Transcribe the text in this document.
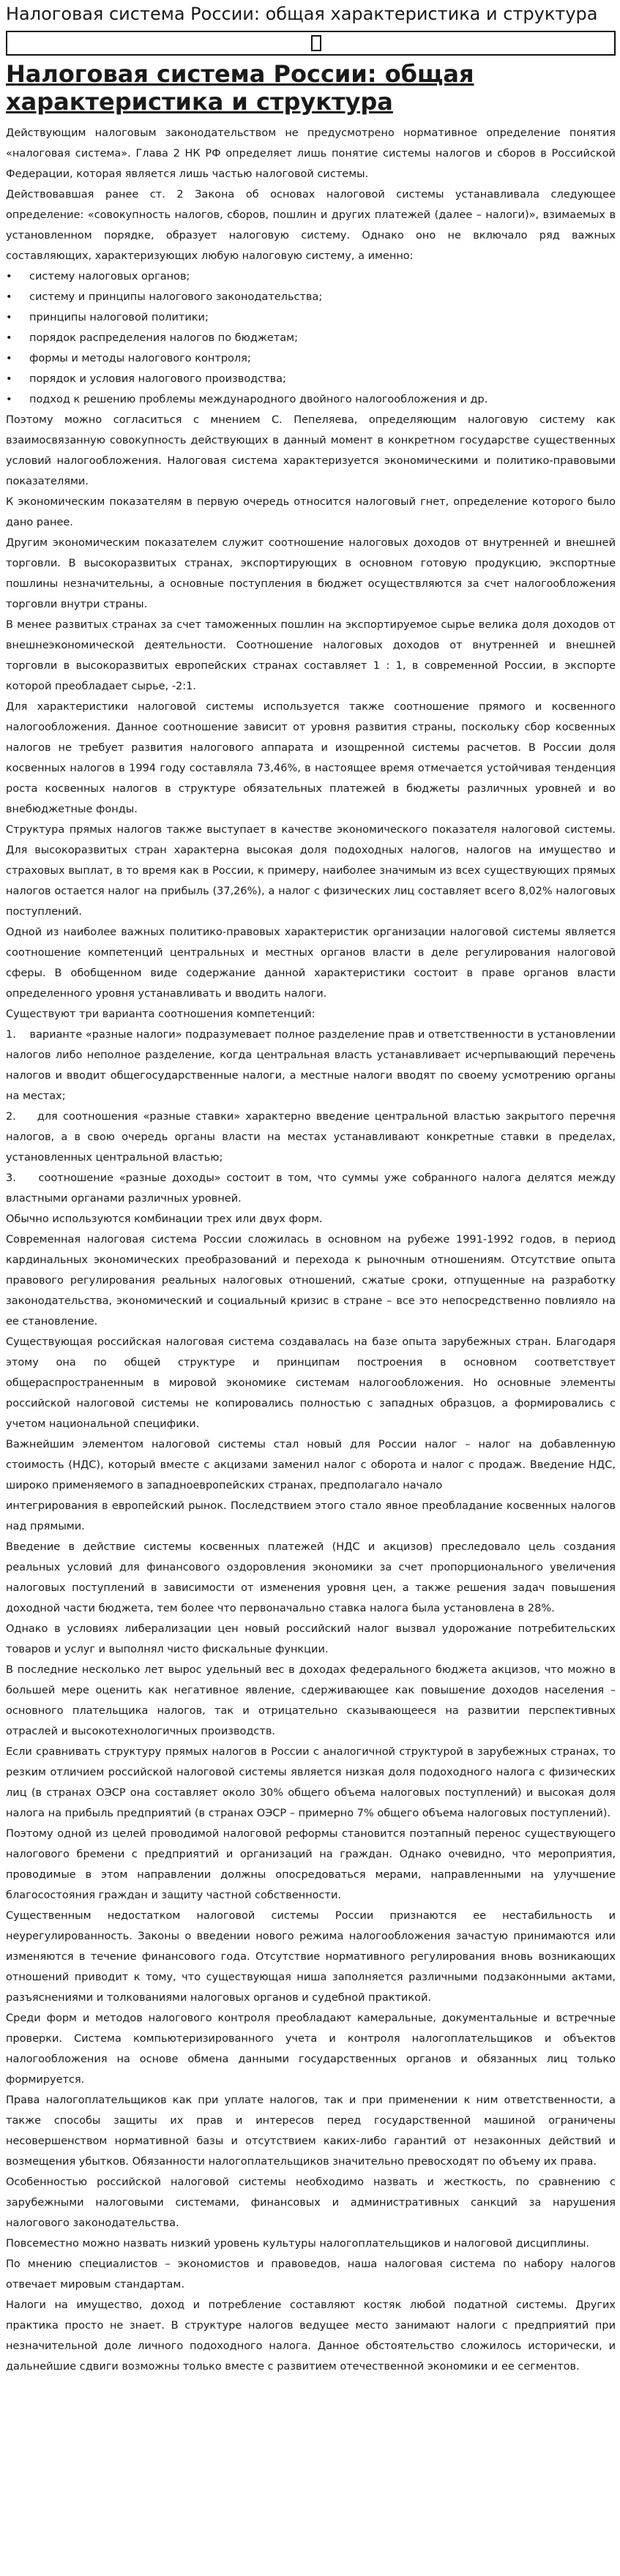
Налоговая система России: общая характеристика и структура
Налоговая система России: общая характеристика и структура

Действующим налоговым законодательством не предусмотрено нормативное определение понятия «налоговая система». Глава 2 НК РФ определяет лишь понятие системы налогов и сборов в Российской Федерации, которая является лишь частью налоговой системы.

Действовавшая ранее ст. 2 Закона об основах налоговой системы устанавливала следующее определение: «совокупность налогов, сборов, пошлин и других платежей (далее – налоги)», взимаемых в установленном порядке, образует налоговую систему. Однако оно не включало ряд важных составляющих, характеризующих любую налоговую систему, а именно:

• систему налоговых органов;
• систему и принципы налогового законодательства;
• принципы налоговой политики;
• порядок распределения налогов по бюджетам;
• формы и методы налогового контроля;
• порядок и условия налогового производства;
• подход к решению проблемы международного двойного налогообложения и др.

Поэтому можно согласиться с мнением С. Пепеляева, определяющим налоговую систему как взаимосвязанную совокупность действующих в данный момент в конкретном государстве существенных условий налогообложения. Налоговая система характеризуется экономическими и политико-правовыми показателями.

К экономическим показателям в первую очередь относится налоговый гнет, определение которого было дано ранее.

Другим экономическим показателем служит соотношение налоговых доходов от внутренней и внешней торговли. В высокоразвитых странах, экспортирующих в основном готовую продукцию, экспортные пошлины незначительны, а основные поступления в бюджет осуществляются за счет налогообложения торговли внутри страны.

В менее развитых странах за счет таможенных пошлин на экспортируемое сырье велика доля доходов от внешнеэкономической деятельности. Соотношение налоговых доходов от внутренней и внешней торговли в высокоразвитых европейских странах составляет 1 : 1, в современной России, в экспорте которой преобладает сырье, -2:1.

Для характеристики налоговой системы используется также соотношение прямого и косвенного налогообложения. Данное соотношение зависит от уровня развития страны, поскольку сбор косвенных налогов не требует развития налогового аппарата и изощренной системы расчетов. В России доля косвенных налогов в 1994 году составляла 73,46%, в настоящее время отмечается устойчивая тенденция роста косвенных налогов в структуре обязательных платежей в бюджеты различных уровней и во внебюджетные фонды.

Структура прямых налогов также выступает в качестве экономического показателя налоговой системы. Для высокоразвитых стран характерна высокая доля подоходных налогов, налогов на имущество и страховых выплат, в то время как в России, к примеру, наиболее значимым из всех существующих прямых налогов остается налог на прибыль (37,26%), а налог с физических лиц составляет всего 8,02% налоговых поступлений.

Одной из наиболее важных политико-правовых характеристик организации налоговой системы является соотношение компетенций центральных и местных органов власти в деле регулирования налоговой сферы. В обобщенном виде содержание данной характеристики состоит в праве органов власти определенного уровня устанавливать и вводить налоги.

Существуют три варианта соотношения компетенций:

1.    варианте «разные налоги» подразумевает полное разделение прав и ответственности в установлении налогов либо неполное разделение, когда центральная власть устанавливает исчерпывающий перечень налогов и вводит общегосударственные налоги, а местные налоги вводят по своему усмотрению органы на местах;

2.    для соотношения «разные ставки» характерно введение центральной властью закрытого перечня налогов, а в свою очередь органы власти на местах устанавливают конкретные ставки в пределах, установленных центральной властью;

3.    соотношение «разные доходы» состоит в том, что суммы уже собранного налога делятся между властными органами различных уровней.

Обычно используются комбинации трех или двух форм.

Современная налоговая система России сложилась в основном на рубеже 1991-1992 годов, в период кардинальных экономических преобразований и перехода к рыночным отношениям. Отсутствие опыта правового регулирования реальных налоговых отношений, сжатые сроки, отпущенные на разработку законодательства, экономический и социальный кризис в стране – все это непосредственно повлияло на ее становление.

Существующая российская налоговая система создавалась на базе опыта зарубежных стран. Благодаря этому она по общей структуре и принципам построения в основном соответствует общераспространенным в мировой экономике системам налогообложения. Но основные элементы российской налоговой системы не копировались полностью с западных образцов, а формировались с учетом национальной специфики.

Важнейшим элементом налоговой системы стал новый для России налог – налог на добавленную стоимость (НДС), который вместе с акцизами заменил налог с оборота и налог с продаж. Введение НДС, широко применяемого в западноевропейских странах, предполагало начало

интегрирования в европейский рынок. Последствием этого стало явное преобладание косвенных налогов над прямыми.

Введение в действие системы косвенных платежей (НДС и акцизов) преследовало цель создания реальных условий для финансового оздоровления экономики за счет пропорционального увеличения налоговых поступлений в зависимости от изменения уровня цен, а также решения задач повышения доходной части бюджета, тем более что первоначально ставка налога была установлена в 28%.

Однако в условиях либерализации цен новый российский налог вызвал удорожание потребительских товаров и услуг и выполнял чисто фискальные функции.

В последние несколько лет вырос удельный вес в доходах федерального бюджета акцизов, что можно в большей мере оценить как негативное явление, сдерживающее как повышение доходов населения – основного плательщика налогов, так и отрицательно сказывающееся на развитии перспективных отраслей и высокотехнологичных производств.

Если сравнивать структуру прямых налогов в России с аналогичной структурой в зарубежных странах, то резким отличием российской налоговой системы является низкая доля подоходного налога с физических лиц (в странах ОЭСР она составляет около 30% общего объема налоговых поступлений) и высокая доля налога на прибыль предприятий (в странах ОЭСР – примерно 7% общего объема налоговых поступлений).

Поэтому одной из целей проводимой налоговой реформы становится поэтапный перенос существующего налогового бремени с предприятий и организаций на граждан. Однако очевидно, что мероприятия, проводимые в этом направлении должны опосредоваться мерами, направленными на улучшение благосостояния граждан и защиту частной собственности.

Существенным недостатком налоговой системы России признаются ее нестабильность и неурегулированность. Законы о введении нового режима налогообложения зачастую принимаются или изменяются в течение финансового года. Отсутствие нормативного регулирования вновь возникающих отношений приводит к тому, что существующая ниша заполняется различными подзаконными актами, разъяснениями и толкованиями налоговых органов и судебной практикой.

Среди форм и методов налогового контроля преобладают камеральные, документальные и встречные проверки. Система компьютеризированного учета и контроля налогоплательщиков и объектов налогообложения на основе обмена данными государственных органов и обязанных лиц только формируется.

Права налогоплательщиков как при уплате налогов, так и при применении к ним ответственности, а также способы защиты их прав и интересов перед государственной машиной ограничены несовершенством нормативной базы и отсутствием каких-либо гарантий от незаконных действий и возмещения убытков. Обязанности налогоплательщиков значительно превосходят по объему их права.

Особенностью российской налоговой системы необходимо назвать и жесткость, по сравнению с зарубежными налоговыми системами, финансовых и административных санкций за нарушения налогового законодательства.

Повсеместно можно назвать низкий уровень культуры налогоплательщиков и налоговой дисциплины.

По мнению специалистов – экономистов и правоведов, наша налоговая система по набору налогов отвечает мировым стандартам.

Налоги на имущество, доход и потребление составляют костяк любой податной системы. Других практика просто не знает. В структуре налогов ведущее место занимают налоги с предприятий при незначительной доле личного подоходного налога. Данное обстоятельство сложилось исторически, и дальнейшие сдвиги возможны только вместе с развитием отечественной экономики и ее сегментов.
